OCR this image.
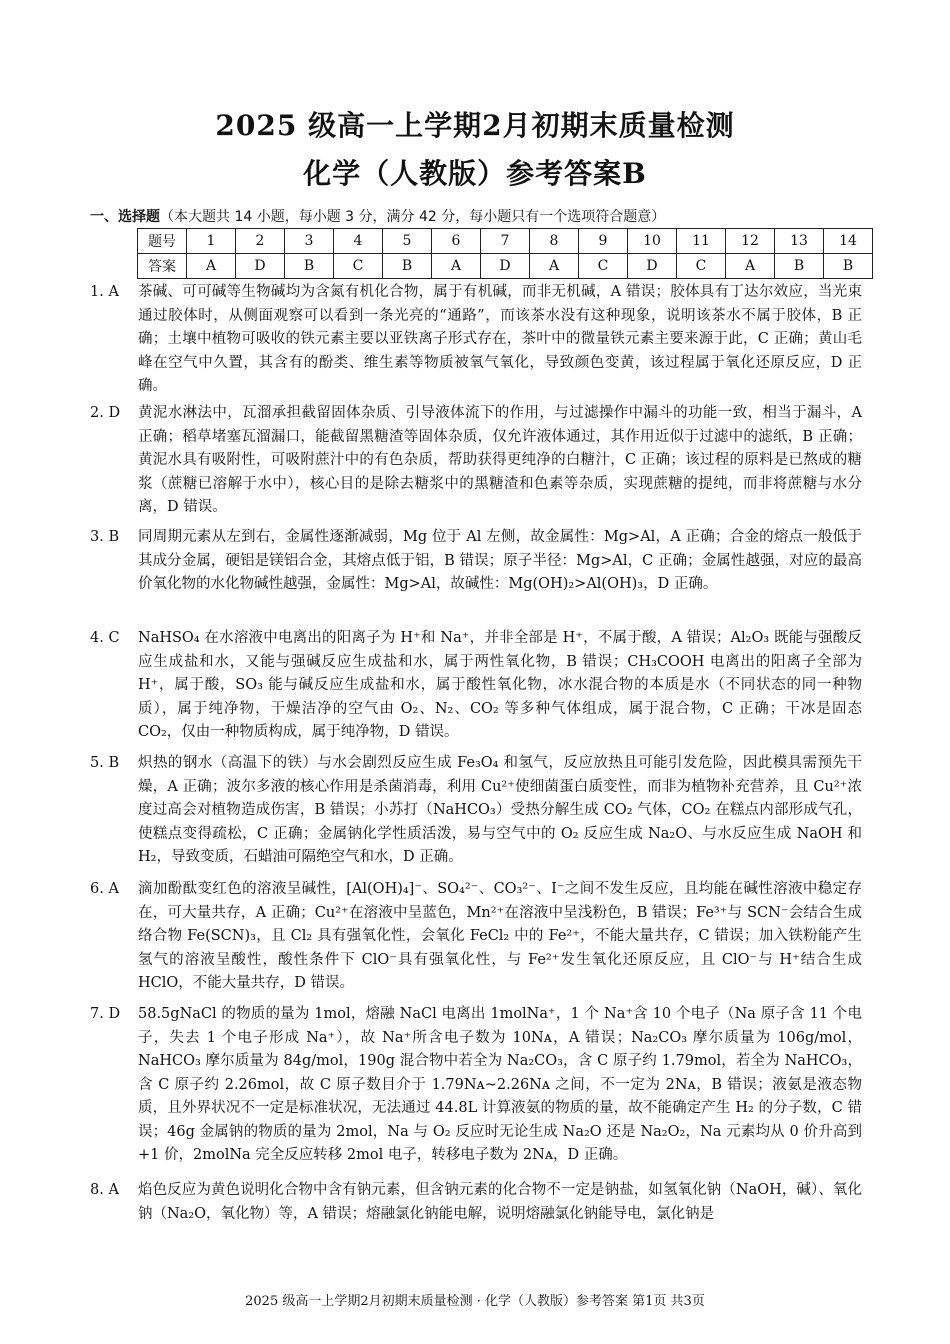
2025 级高一上学期2月初期末质量检测
化学（人教版）参考答案B
一、选择题（本大题共 14 小题，每小题 3 分，满分 42 分，每小题只有一个选项符合题意）
题号	1	2	3	4	5	6	7	8	9	10	11	12	13	14
答案	A	D	B	C	B	A	D	A	C	D	C	A	B	B
1. A	茶碱、可可碱等生物碱均为含氮有机化合物，属于有机碱，而非无机碱，A 错误；胶体具有丁达尔效应，当光束通过胶体时，从侧面观察可以看到一条光亮的“通路”，而该茶水没有这种现象，说明该茶水不属于胶体，B 正确；土壤中植物可吸收的铁元素主要以亚铁离子形式存在，茶叶中的微量铁元素主要来源于此，C 正确；黄山毛峰在空气中久置，其含有的酚类、维生素等物质被氧气氧化，导致颜色变黄，该过程属于氧化还原反应，D 正确。
2. D	黄泥水淋法中，瓦溜承担截留固体杂质、引导液体流下的作用，与过滤操作中漏斗的功能一致，相当于漏斗，A 正确；稻草堵塞瓦溜漏口，能截留黑糖渣等固体杂质，仅允许液体通过，其作用近似于过滤中的滤纸，B 正确；黄泥水具有吸附性，可吸附蔗汁中的有色杂质，帮助获得更纯净的白糖汁，C 正确；该过程的原料是已熬成的糖浆（蔗糖已溶解于水中），核心目的是除去糖浆中的黑糖渣和色素等杂质，实现蔗糖的提纯，而非将蔗糖与水分离，D 错误。
3. B	同周期元素从左到右，金属性逐渐减弱，Mg 位于 Al 左侧，故金属性：Mg>Al，A 正确；合金的熔点一般低于其成分金属，硬铝是镁铝合金，其熔点低于铝，B 错误；原子半径：Mg>Al，C 正确；金属性越强，对应的最高价氧化物的水化物碱性越强，金属性：Mg>Al，故碱性：Mg(OH)₂>Al(OH)₃，D 正确。
4. C	NaHSO₄ 在水溶液中电离出的阳离子为 H⁺和 Na⁺，并非全部是 H⁺，不属于酸，A 错误；Al₂O₃ 既能与强酸反应生成盐和水，又能与强碱反应生成盐和水，属于两性氧化物，B 错误；CH₃COOH 电离出的阳离子全部为 H⁺，属于酸，SO₃ 能与碱反应生成盐和水，属于酸性氧化物，冰水混合物的本质是水（不同状态的同一种物质），属于纯净物，干燥洁净的空气由 O₂、N₂、CO₂ 等多种气体组成，属于混合物，C 正确；干冰是固态 CO₂，仅由一种物质构成，属于纯净物，D 错误。
5. B	炽热的钢水（高温下的铁）与水会剧烈反应生成 Fe₃O₄ 和氢气，反应放热且可能引发危险，因此模具需预先干燥，A 正确；波尔多液的核心作用是杀菌消毒，利用 Cu²⁺使细菌蛋白质变性，而非为植物补充营养，且 Cu²⁺浓度过高会对植物造成伤害，B 错误；小苏打（NaHCO₃）受热分解生成 CO₂ 气体，CO₂ 在糕点内部形成气孔，使糕点变得疏松，C 正确；金属钠化学性质活泼，易与空气中的 O₂ 反应生成 Na₂O、与水反应生成 NaOH 和 H₂，导致变质，石蜡油可隔绝空气和水，D 正确。
6. A	滴加酚酞变红色的溶液呈碱性，[Al(OH)₄]⁻、SO₄²⁻、CO₃²⁻、I⁻之间不发生反应，且均能在碱性溶液中稳定存在，可大量共存，A 正确；Cu²⁺在溶液中呈蓝色，Mn²⁺在溶液中呈浅粉色，B 错误；Fe³⁺与 SCN⁻会结合生成络合物 Fe(SCN)₃，且 Cl₂ 具有强氧化性，会氧化 FeCl₂ 中的 Fe²⁺，不能大量共存，C 错误；加入铁粉能产生氢气的溶液呈酸性，酸性条件下 ClO⁻具有强氧化性，与 Fe²⁺发生氧化还原反应，且 ClO⁻与 H⁺结合生成 HClO，不能大量共存，D 错误。
7. D	58.5gNaCl 的物质的量为 1mol，熔融 NaCl 电离出 1molNa⁺，1 个 Na⁺含 10 个电子（Na 原子含 11 个电子，失去 1 个电子形成 Na⁺），故 Na⁺所含电子数为 10Nᴀ，A 错误；Na₂CO₃ 摩尔质量为 106g/mol，NaHCO₃ 摩尔质量为 84g/mol，190g 混合物中若全为 Na₂CO₃，含 C 原子约 1.79mol，若全为 NaHCO₃，含 C 原子约 2.26mol，故 C 原子数目介于 1.79Nᴀ~2.26Nᴀ 之间，不一定为 2Nᴀ，B 错误；液氨是液态物质，且外界状况不一定是标准状况，无法通过 44.8L 计算液氨的物质的量，故不能确定产生 H₂ 的分子数，C 错误；46g 金属钠的物质的量为 2mol，Na 与 O₂ 反应时无论生成 Na₂O 还是 Na₂O₂，Na 元素均从 0 价升高到+1 价，2molNa 完全反应转移 2mol 电子，转移电子数为 2Nᴀ，D 正确。
8. A	焰色反应为黄色说明化合物中含有钠元素，但含钠元素的化合物不一定是钠盐，如氢氧化钠（NaOH，碱）、氧化钠（Na₂O，氧化物）等，A 错误；熔融氯化钠能电解，说明熔融氯化钠能导电，氯化钠是
2025 级高一上学期2月初期末质量检测 · 化学（人教版）参考答案 第1页 共3页
